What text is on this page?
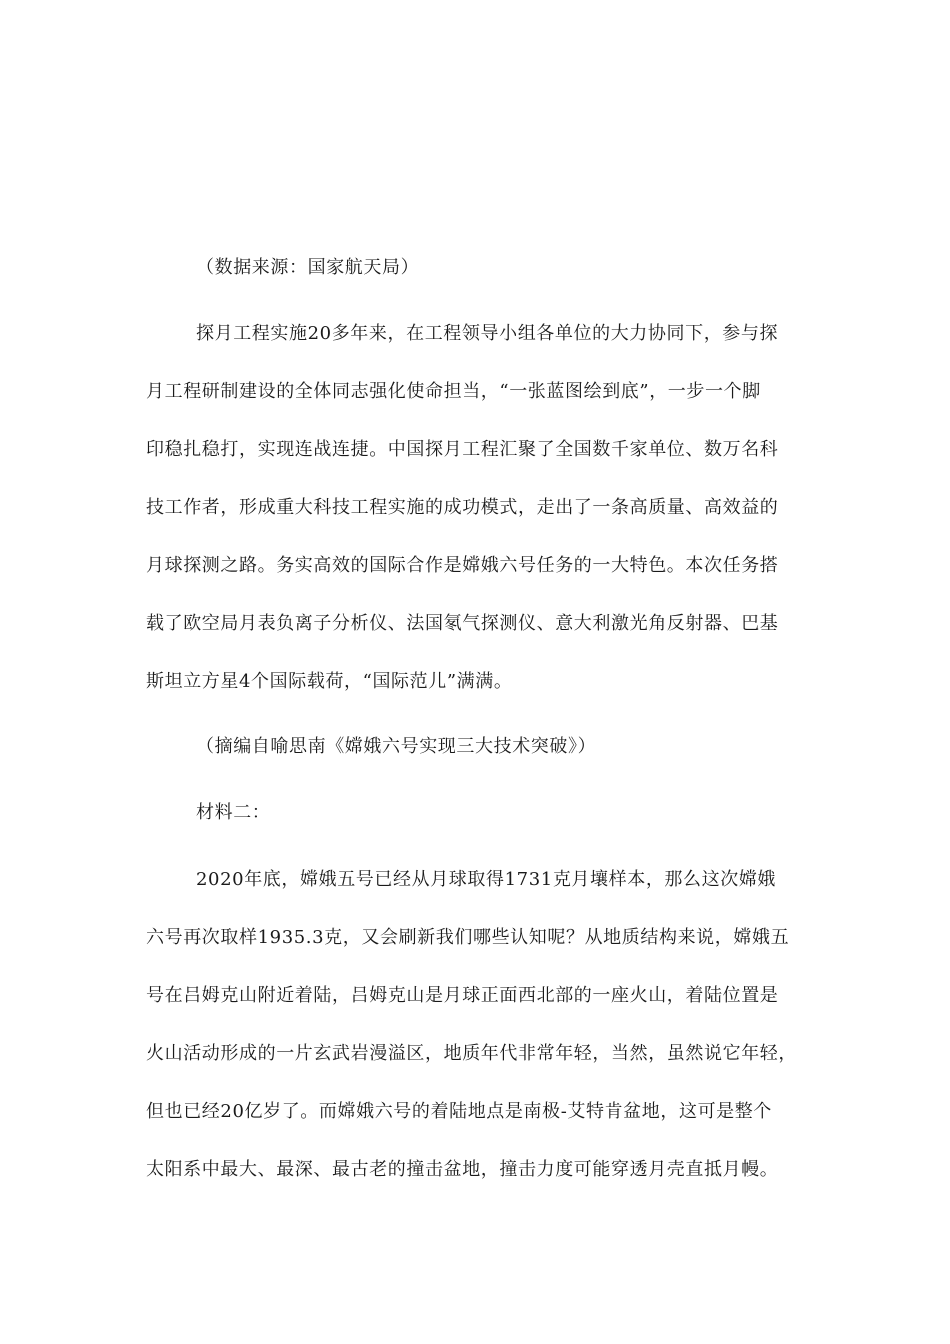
（数据来源：国家航天局）

探月工程实施20多年来，在工程领导小组各单位的大力协同下，参与探
月工程研制建设的全体同志强化使命担当，“一张蓝图绘到底”，一步一个脚
印稳扎稳打，实现连战连捷。中国探月工程汇聚了全国数千家单位、数万名科
技工作者，形成重大科技工程实施的成功模式，走出了一条高质量、高效益的
月球探测之路。务实高效的国际合作是嫦娥六号任务的一大特色。本次任务搭
载了欧空局月表负离子分析仪、法国氡气探测仪、意大利激光角反射器、巴基
斯坦立方星4个国际载荷，“国际范儿”满满。

（摘编自喻思南《嫦娥六号实现三大技术突破》）

材料二：

2020年底，嫦娥五号已经从月球取得1731克月壤样本，那么这次嫦娥
六号再次取样1935.3克，又会刷新我们哪些认知呢？从地质结构来说，嫦娥五
号在吕姆克山附近着陆，吕姆克山是月球正面西北部的一座火山，着陆位置是
火山活动形成的一片玄武岩漫溢区，地质年代非常年轻，当然，虽然说它年轻，
但也已经20亿岁了。而嫦娥六号的着陆地点是南极-艾特肯盆地，这可是整个
太阳系中最大、最深、最古老的撞击盆地，撞击力度可能穿透月壳直抵月幔。
